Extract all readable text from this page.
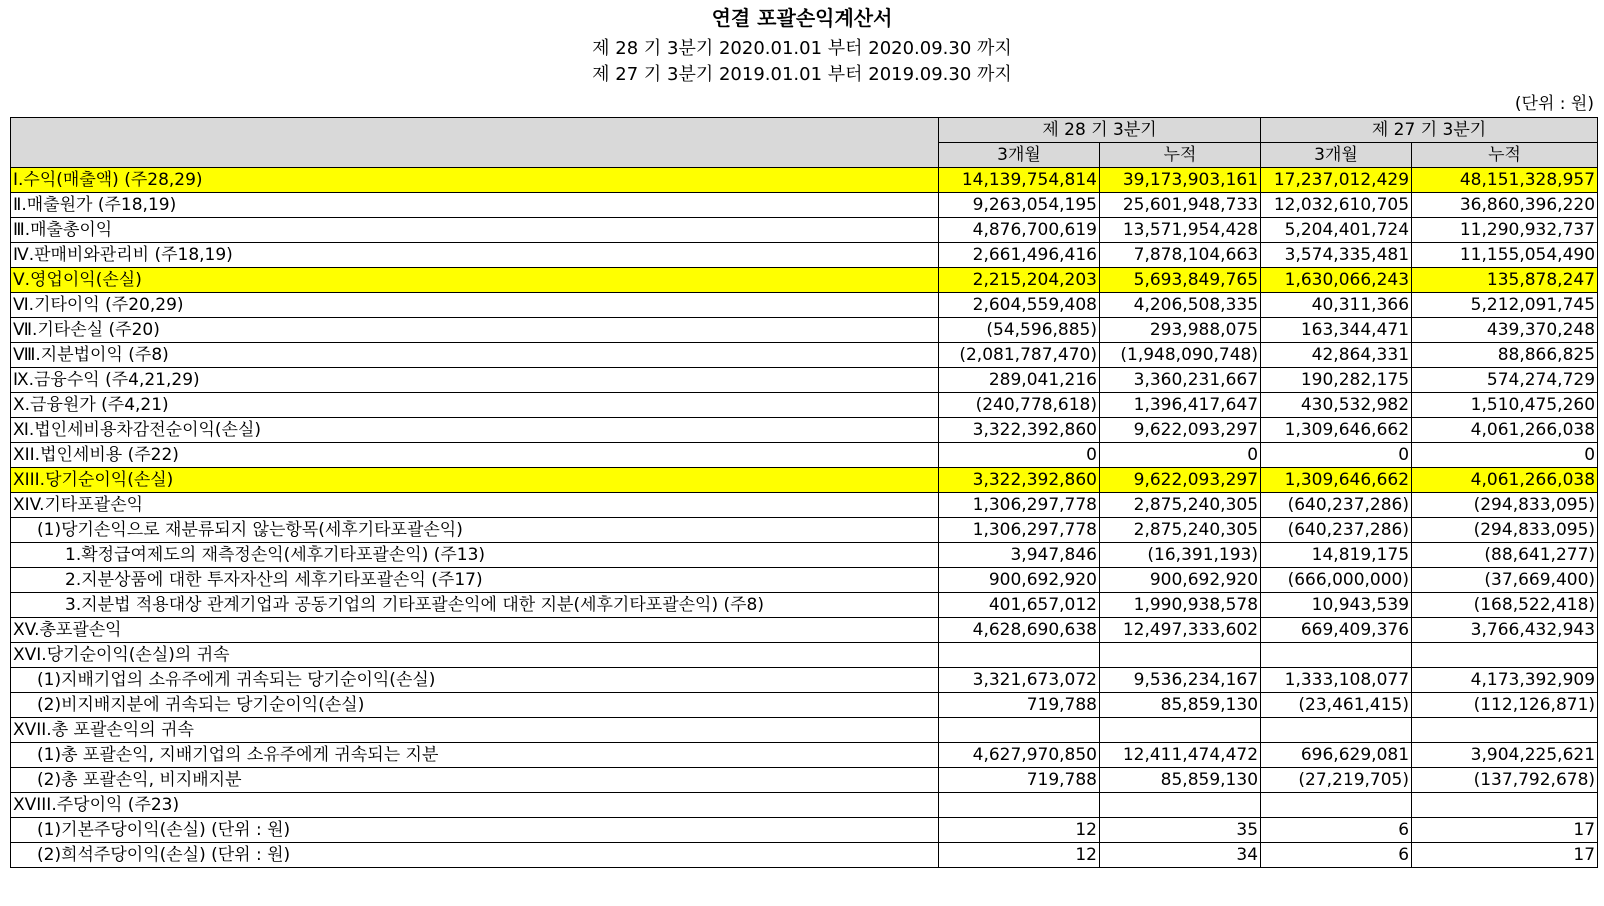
연결 포괄손익계산서
제 28 기 3분기 2020.01.01 부터 2020.09.30 까지
제 27 기 3분기 2019.01.01 부터 2019.09.30 까지
(단위 : 원)
	제 28 기 3분기		제 27 기 3분기	
	3개월	누적	3개월	누적
Ⅰ.수익(매출액) (주28,29)	14,139,754,814	39,173,903,161	17,237,012,429	48,151,328,957
Ⅱ.매출원가 (주18,19)	9,263,054,195	25,601,948,733	12,032,610,705	36,860,396,220
Ⅲ.매출총이익	4,876,700,619	13,571,954,428	5,204,401,724	11,290,932,737
Ⅳ.판매비와관리비 (주18,19)	2,661,496,416	7,878,104,663	3,574,335,481	11,155,054,490
Ⅴ.영업이익(손실)	2,215,204,203	5,693,849,765	1,630,066,243	135,878,247
Ⅵ.기타이익 (주20,29)	2,604,559,408	4,206,508,335	40,311,366	5,212,091,745
Ⅶ.기타손실 (주20)	(54,596,885)	293,988,075	163,344,471	439,370,248
Ⅷ.지분법이익 (주8)	(2,081,787,470)	(1,948,090,748)	42,864,331	88,866,825
Ⅸ.금융수익 (주4,21,29)	289,041,216	3,360,231,667	190,282,175	574,274,729
Ⅹ.금융원가 (주4,21)	(240,778,618)	1,396,417,647	430,532,982	1,510,475,260
Ⅺ.법인세비용차감전순이익(손실)	3,322,392,860	9,622,093,297	1,309,646,662	4,061,266,038
ⅩII.법인세비용 (주22)	0	0	0	0
ⅩIII.당기순이익(손실)	3,322,392,860	9,622,093,297	1,309,646,662	4,061,266,038
ⅩIV.기타포괄손익	1,306,297,778	2,875,240,305	(640,237,286)	(294,833,095)
(1)당기손익으로 재분류되지 않는항목(세후기타포괄손익)	1,306,297,778	2,875,240,305	(640,237,286)	(294,833,095)
1.확정급여제도의 재측정손익(세후기타포괄손익) (주13)	3,947,846	(16,391,193)	14,819,175	(88,641,277)
2.지분상품에 대한 투자자산의 세후기타포괄손익 (주17)	900,692,920	900,692,920	(666,000,000)	(37,669,400)
3.지분법 적용대상 관계기업과 공동기업의 기타포괄손익에 대한 지분(세후기타포괄손익) (주8)	401,657,012	1,990,938,578	10,943,539	(168,522,418)
ⅩV.총포괄손익	4,628,690,638	12,497,333,602	669,409,376	3,766,432,943
ⅩVI.당기순이익(손실)의 귀속				
(1)지배기업의 소유주에게 귀속되는 당기순이익(손실)	3,321,673,072	9,536,234,167	1,333,108,077	4,173,392,909
(2)비지배지분에 귀속되는 당기순이익(손실)	719,788	85,859,130	(23,461,415)	(112,126,871)
ⅩVII.총 포괄손익의 귀속				
(1)총 포괄손익, 지배기업의 소유주에게 귀속되는 지분	4,627,970,850	12,411,474,472	696,629,081	3,904,225,621
(2)총 포괄손익, 비지배지분	719,788	85,859,130	(27,219,705)	(137,792,678)
ⅩVIII.주당이익 (주23)				
(1)기본주당이익(손실) (단위 : 원)	12	35	6	17
(2)희석주당이익(손실) (단위 : 원)	12	34	6	17
